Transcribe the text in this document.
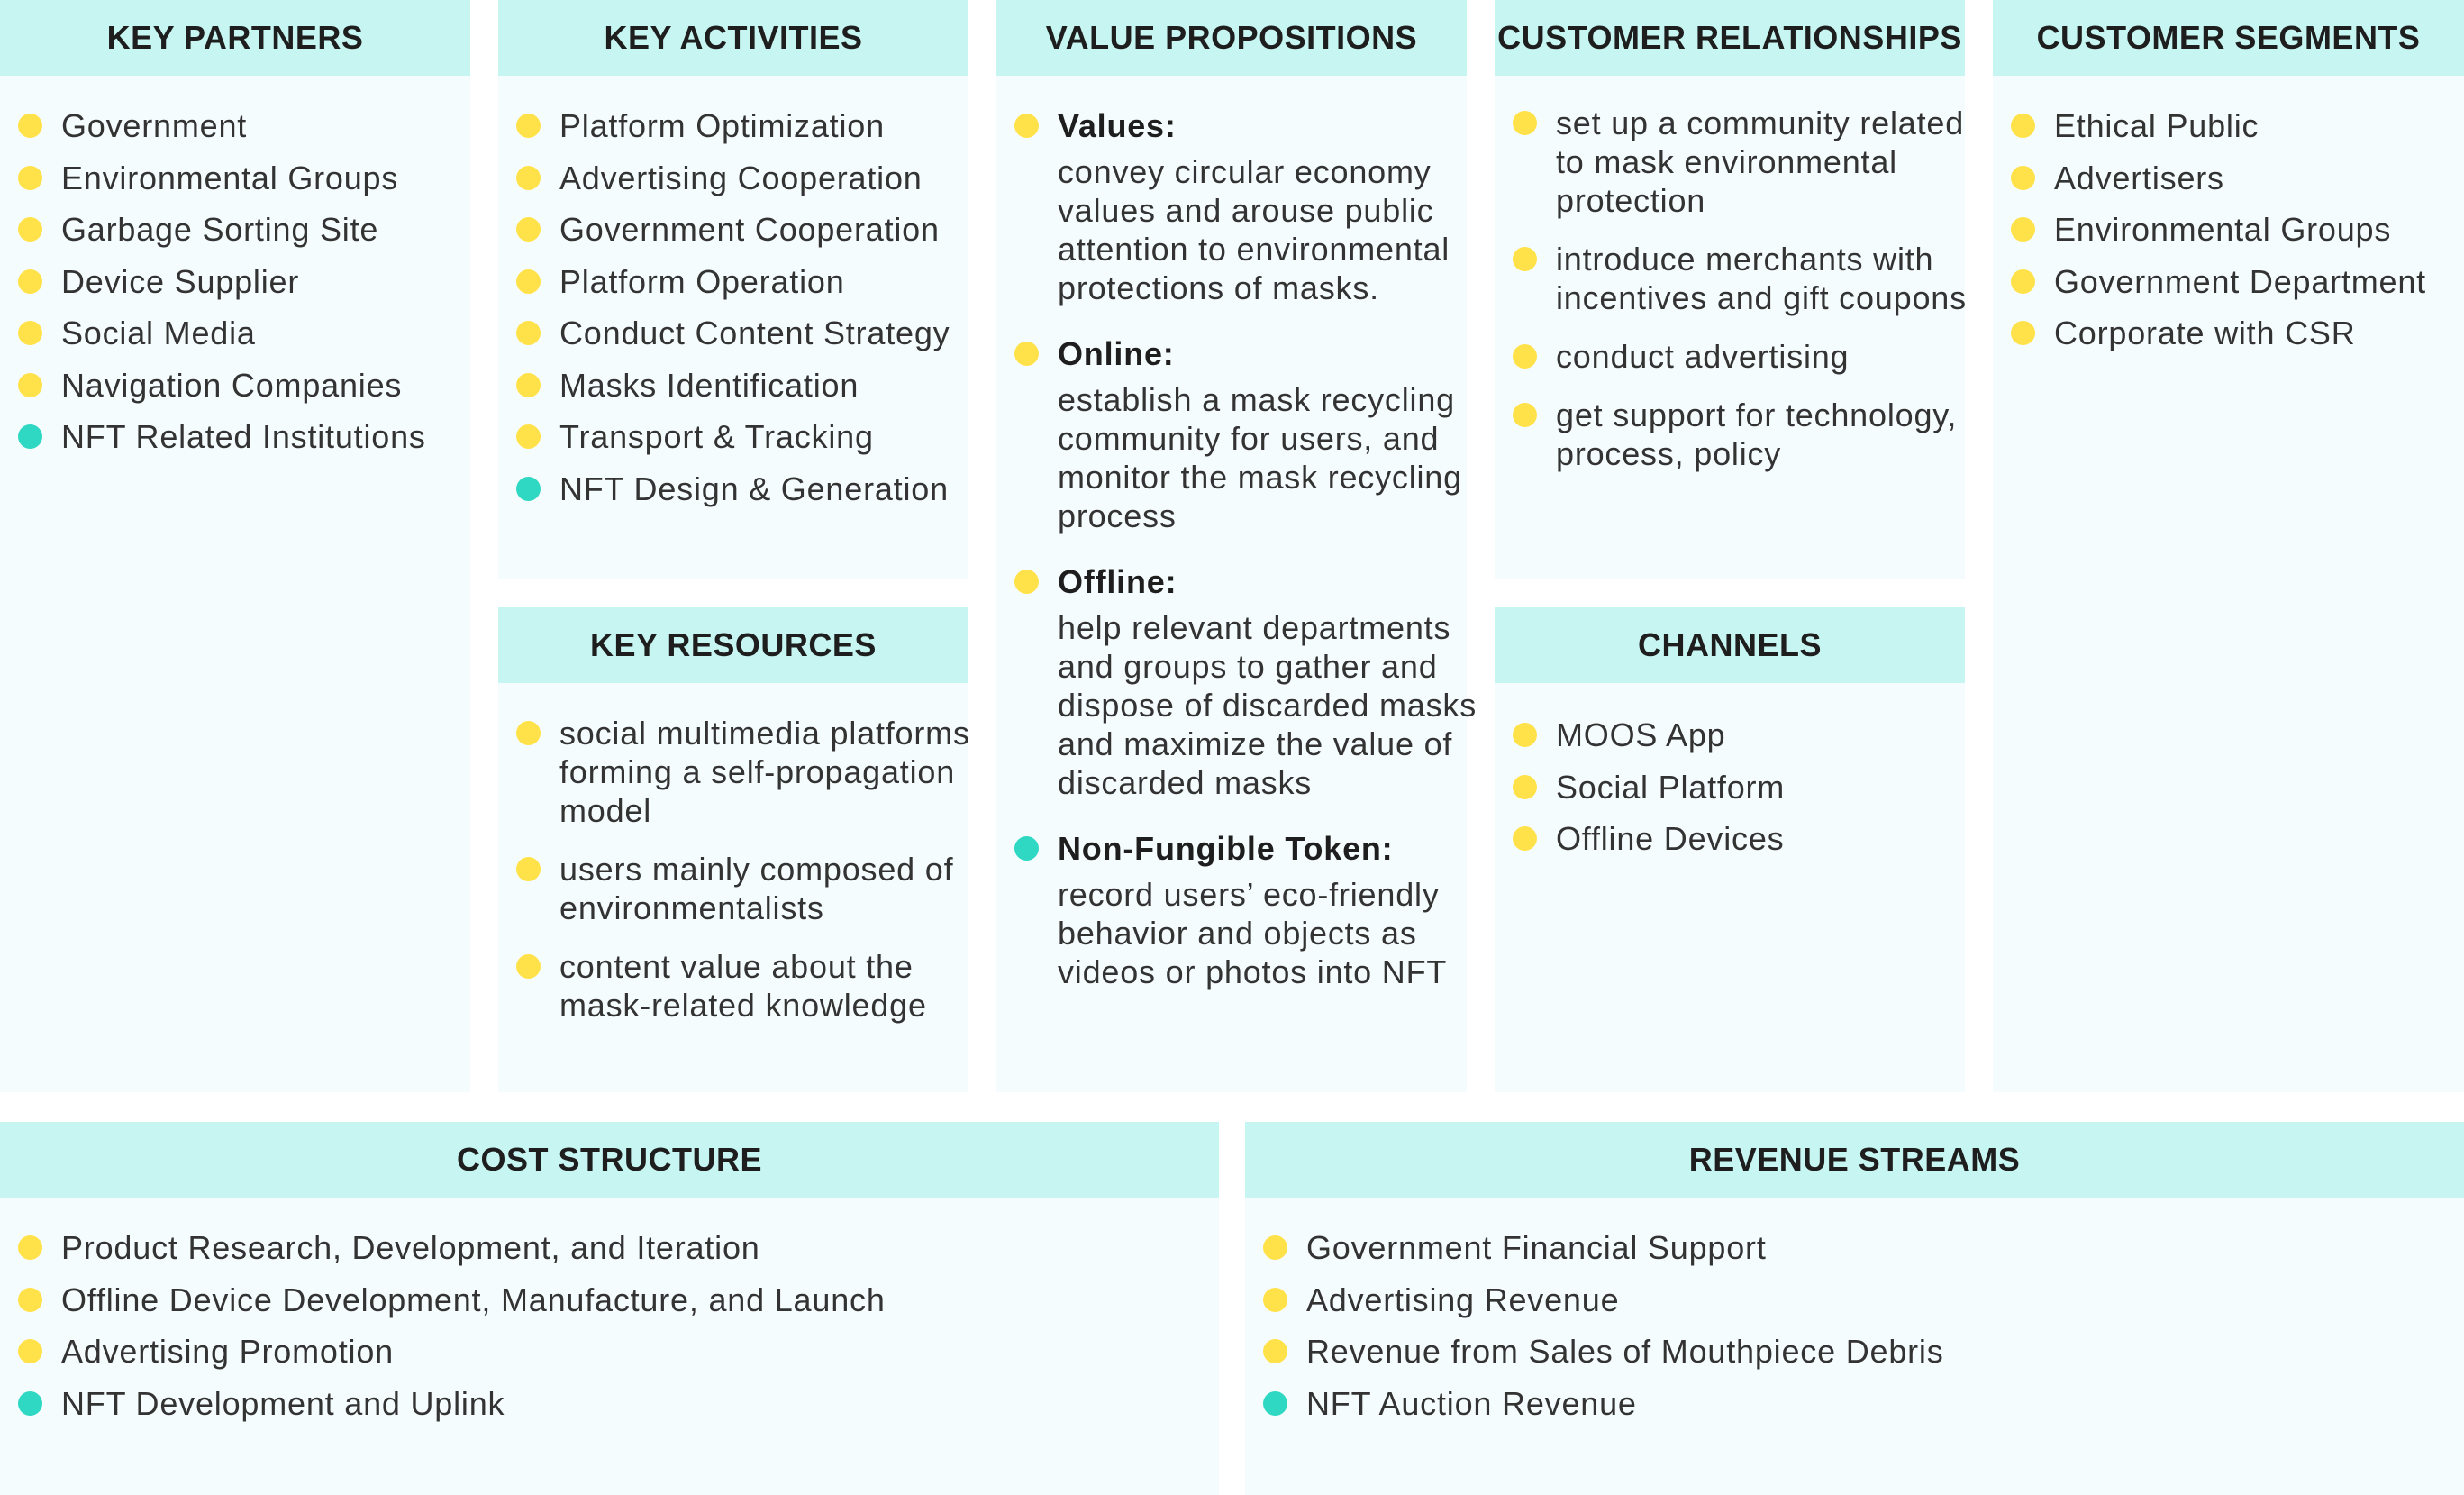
KEY PARTNERS
Government
Environmental Groups
Garbage Sorting Site
Device Supplier
Social Media
Navigation Companies
NFT Related Institutions
KEY ACTIVITIES
Platform Optimization
Advertising Cooperation
Government Cooperation
Platform Operation
Conduct Content Strategy
Masks Identification
Transport & Tracking
NFT Design & Generation
KEY RESOURCES
social multimedia platforms
forming a self-propagation
model
users mainly composed of
environmentalists
content value about the
mask-related knowledge
VALUE PROPOSITIONS
Values:
convey circular economy
values and arouse public
attention to environmental
protections of masks.
Online:
establish a mask recycling
community for users, and
monitor the mask recycling
process
Offline:
help relevant departments
and groups to gather and
dispose of discarded masks
and maximize the value of
discarded masks
Non-Fungible Token:
record users’ eco-friendly
behavior and objects as
videos or photos into NFT
CUSTOMER RELATIONSHIPS
set up a community related
to mask environmental
protection
introduce merchants with
incentives and gift coupons
conduct advertising
get support for technology,
process, policy
CHANNELS
MOOS App
Social Platform
Offline Devices
CUSTOMER SEGMENTS
Ethical Public
Advertisers
Environmental Groups
Government Department
Corporate with CSR
COST STRUCTURE
Product Research, Development, and Iteration
Offline Device Development, Manufacture, and Launch
Advertising Promotion
NFT Development and Uplink
REVENUE STREAMS
Government Financial Support
Advertising Revenue
Revenue from Sales of Mouthpiece Debris
NFT Auction Revenue
